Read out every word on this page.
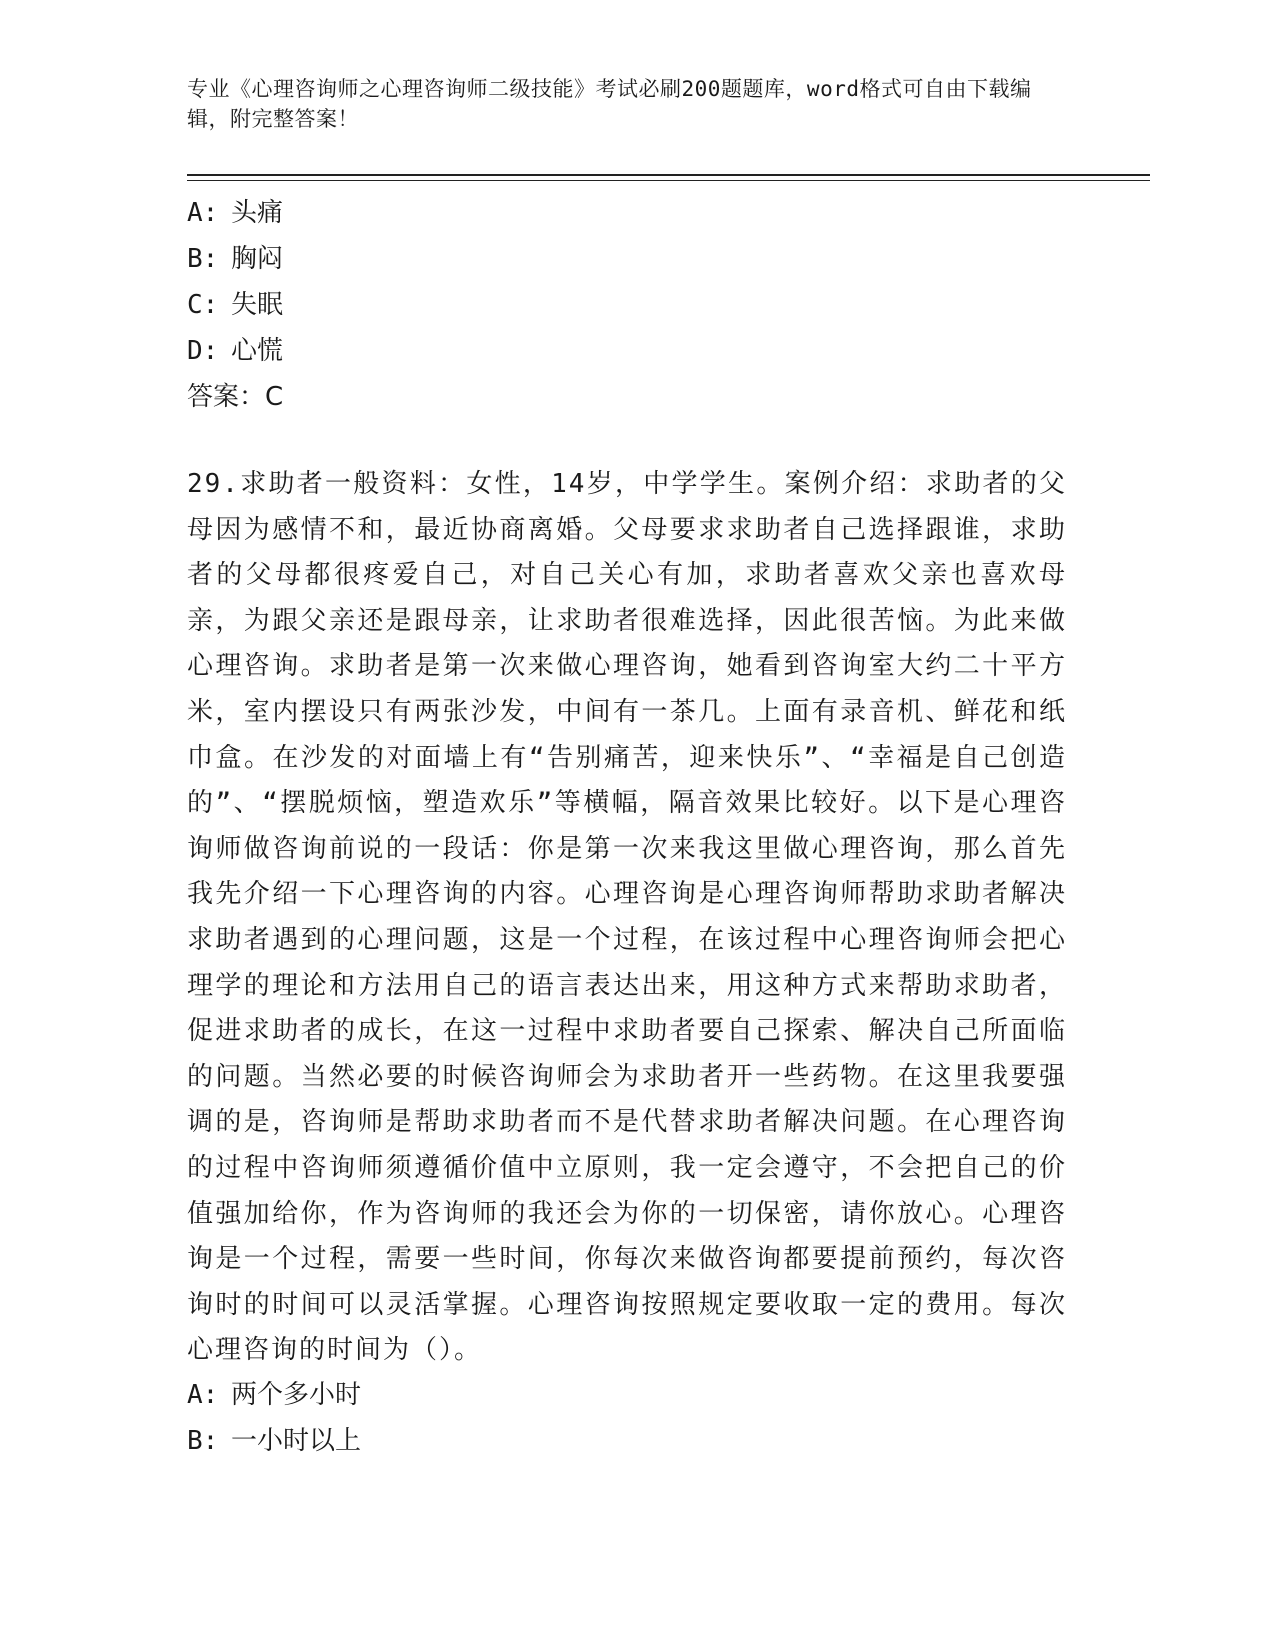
专业《心理咨询师之心理咨询师二级技能》考试必刷200题题库，word格式可自由下载编辑，附完整答案！
A: 头痛
B: 胸闷
C: 失眠
D: 心慌
答案：C
29.求助者一般资料：女性，14岁，中学学生。案例介绍：求助者的父母因为感情不和，最近协商离婚。父母要求求助者自己选择跟谁，求助者的父母都很疼爱自己，对自己关心有加，求助者喜欢父亲也喜欢母亲，为跟父亲还是跟母亲，让求助者很难选择，因此很苦恼。为此来做心理咨询。求助者是第一次来做心理咨询，她看到咨询室大约二十平方米，室内摆设只有两张沙发，中间有一茶几。上面有录音机、鲜花和纸巾盒。在沙发的对面墙上有“告别痛苦，迎来快乐”、“幸福是自己创造的”、“摆脱烦恼，塑造欢乐”等横幅，隔音效果比较好。以下是心理咨询师做咨询前说的一段话：你是第一次来我这里做心理咨询，那么首先我先介绍一下心理咨询的内容。心理咨询是心理咨询师帮助求助者解决求助者遇到的心理问题，这是一个过程，在该过程中心理咨询师会把心理学的理论和方法用自己的语言表达出来，用这种方式来帮助求助者，促进求助者的成长，在这一过程中求助者要自己探索、解决自己所面临的问题。当然必要的时候咨询师会为求助者开一些药物。在这里我要强调的是，咨询师是帮助求助者而不是代替求助者解决问题。在心理咨询的过程中咨询师须遵循价值中立原则，我一定会遵守，不会把自己的价值强加给你，作为咨询师的我还会为你的一切保密，请你放心。心理咨询是一个过程，需要一些时间，你每次来做咨询都要提前预约，每次咨询时的时间可以灵活掌握。心理咨询按照规定要收取一定的费用。每次心理咨询的时间为（）。
A: 两个多小时
B: 一小时以上
